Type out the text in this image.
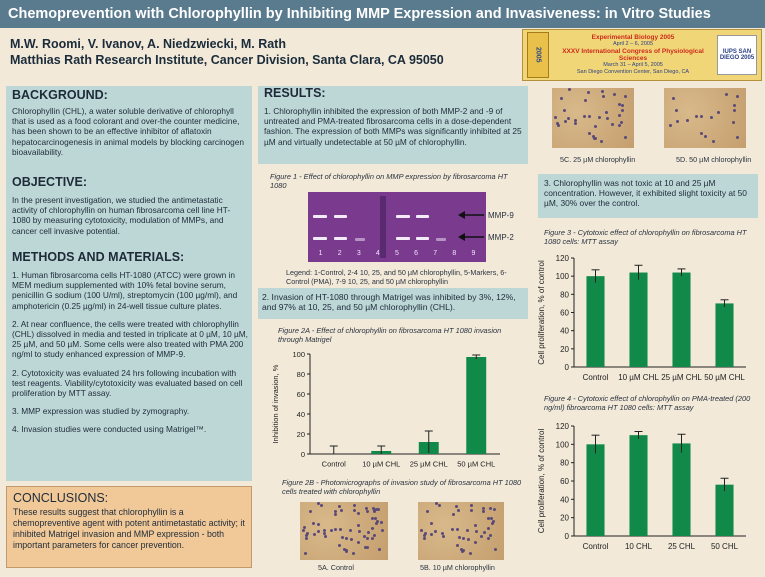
Chemoprevention with Chlorophyllin by Inhibiting MMP Expression and Invasiveness: in Vitro Studies
M.W. Roomi, V. Ivanov, A. Niedzwiecki, M. Rath
Matthias Rath Research Institute, Cancer Division, Santa Clara, CA 95050	2005
Experimental Biology 2005
April 2 – 6, 2005
XXXV International Congress of Physiological Sciences
March 31 – April 5, 2005
San Diego Convention Center, San Diego, CA
IUPS SAN DIEGO 2005
BACKGROUND:
Chlorophyllin (CHL), a water soluble derivative of chlorophyll that is used as a food colorant and over-the counter medicine, has been shown to be an effective inhibitor of aflatoxin hepatocarcinogenesis in animal models by blocking carcinogen bioavailability.
OBJECTIVE:
In the present investigation, we studied the antimetastatic activity of chlorophyllin on human fibrosarcoma cell line HT-1080 by measuring cytotoxicity, modulation of MMPs, and cancer cell invasive potential.
METHODS AND MATERIALS:
1. Human fibrosarcoma cells HT-1080 (ATCC) were grown in MEM medium supplemented with 10% fetal bovine serum, penicillin G sodium (100 U/ml), streptomycin (100 µg/ml), and amphotericin (0.25 µg/ml) in 24-well tissue culture plates.
2. At near confluence, the cells were treated with chlorophyllin (CHL) dissolved in media and tested in triplicate at 0 µM, 10 µM, 25 µM, and 50 µM. Some cells were also treated with PMA 200 ng/ml to study enhanced expression of MMP-9.
2. Cytotoxicity was evaluated 24 hrs following incubation with test reagents. Viability/cytotoxicity was evaluated based on cell proliferation by MTT assay.
3. MMP expression was studied by zymography.
4. Invasion studies were conducted using Matrigel™.
CONCLUSIONS:
These results suggest that chlorophyllin is a chemopreventive agent with potent antimetastatic activity; it inhibited Matrigel invasion and MMP expression - both important parameters for cancer prevention.
RESULTS:
1. Chlorophyllin inhibited the expression of both MMP-2 and -9 of untreated and PMA-treated fibrosarcoma cells in a dose-dependent fashion. The expression of both MMPs was significantly inhibited at 25 µM and virtually undetectable at 50 µM of chlorophyllin.
Figure 1 - Effect of chlorophyllin on MMP expression by fibrosarcoma HT 1080
1 2 3 4 5 6 7 8 9
MMP-9
MMP-2
Legend: 1-Control, 2-4 10, 25, and 50 µM chlorophyllin, 5-Markers, 6-Control (PMA), 7-9 10, 25, and 50 µM chlorophyllin
2. Invasion of HT-1080 through Matrigel was inhibited by 3%, 12%, and 97% at 10, 25, and 50 µM chlorophyllin (CHL).
Figure 2A - Effect of chlorophyllin on fibrosarcoma HT 1080 invasion through Matrigel
0
20
40
60
80
100
Inhibition of invasion, %
Control 10 µM CHL 25 µM CHL 50 µM CHL
Figure 2B - Photomicrographs of invasion study of fibrosarcoma HT 1080 cells treated with chlorophyllin
5A. Control	5B. 10 µM chlorophyllin
5C. 25 µM chlorophyllin	5D. 50 µM chlorophyllin
3. Chlorophyllin was not toxic at 10 and 25 µM concentration. However, it exhibited slight toxicity at 50 µM, 30% over the control.
Figure 3 - Cytotoxic effect of chlorophyllin on fibrosarcoma HT 1080 cells: MTT assay
0
20
40
60
80
100
120
Cell proliferation, % of control
Control 10 µM CHL 25 µM CHL 50 µM CHL
Figure 4 - Cytotoxic effect of chlorophyllin on PMA-treated (200 ng/ml) fibroarcoma HT 1080 cells: MTT assay
0
20
40
60
80
100
120
Cell proliferation, % of control
Control 10 CHL 25 CHL 50 CHL
